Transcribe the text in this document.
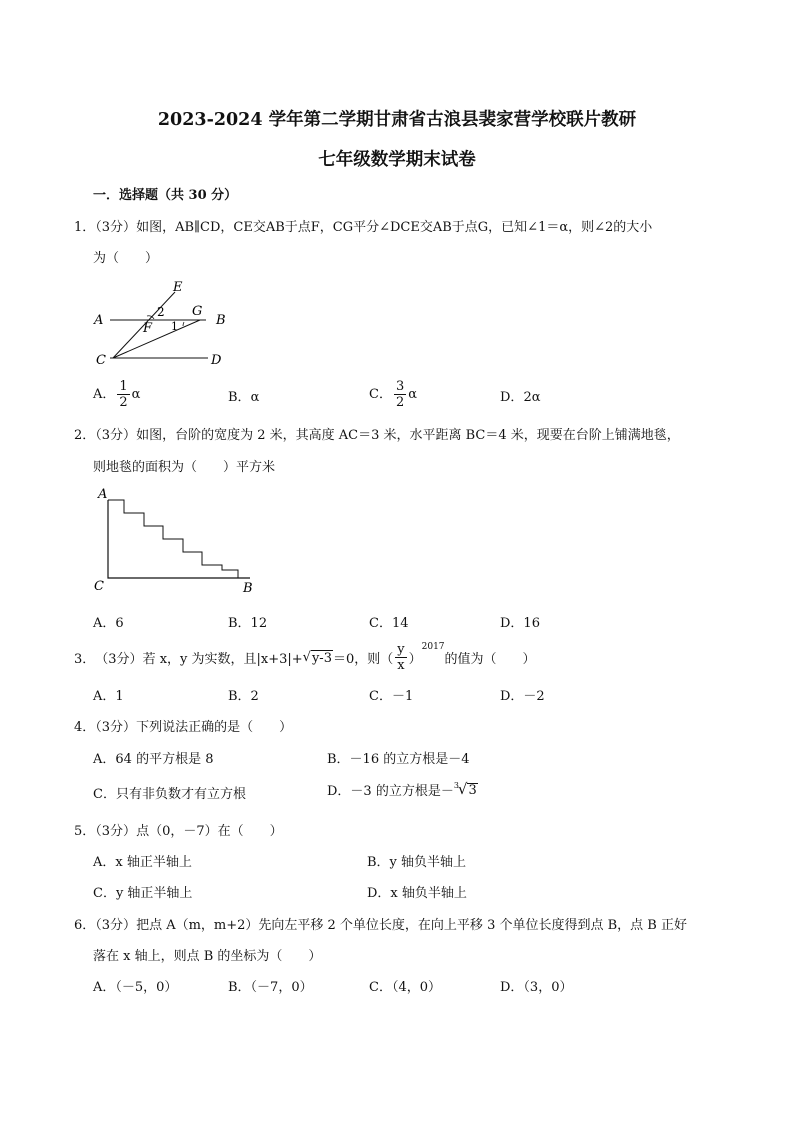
2023-2024 学年第二学期甘肃省古浪县裴家营学校联片教研
七年级数学期末试卷
一．选择题（共 30 分）
1．（3分）如图，AB∥CD，CE交AB于点F，CG平分∠DCE交AB于点G，已知∠1＝α，则∠2的大小
为（　　）
A	B
C	D
E
F
G
2
1
A． $\frac{1}{2}$ α	B．α	C． $\frac{3}{2}$ α	D．2α
2．（3分）如图，台阶的宽度为 2 米，其高度 AC＝3 米，水平距离 BC＝4 米，现要在台阶上铺满地毯，
则地毯的面积为（　　）平方米
A
C	B
A．6	B．12	C．14	D．16
3． （3分） 若 x，y 为实数，且|x+3|+ √ y-3 ＝0，则（ $\frac{y}{x}$ ）
$^{2017}$
的值为（　　）
A．1	B．2	C．－1	D．－2
4．（3分）下列说法正确的是（　　）
A．64 的平方根是 8	B．－16 的立方根是－4
C．只有非负数才有立方根	D．－3 的立方根是－ 3 √ 3
5．（3分）点（0，－7）在（　　）
A．x 轴正半轴上	B．y 轴负半轴上
C．y 轴正半轴上	D．x 轴负半轴上
6．（3分）把点 A（m，m+2）先向左平移 2 个单位长度，在向上平移 3 个单位长度得到点 B，点 B 正好
落在 x 轴上，则点 B 的坐标为（　　）
A．（－5，0）	B．（－7，0）	C．（4，0）	D．（3，0）
